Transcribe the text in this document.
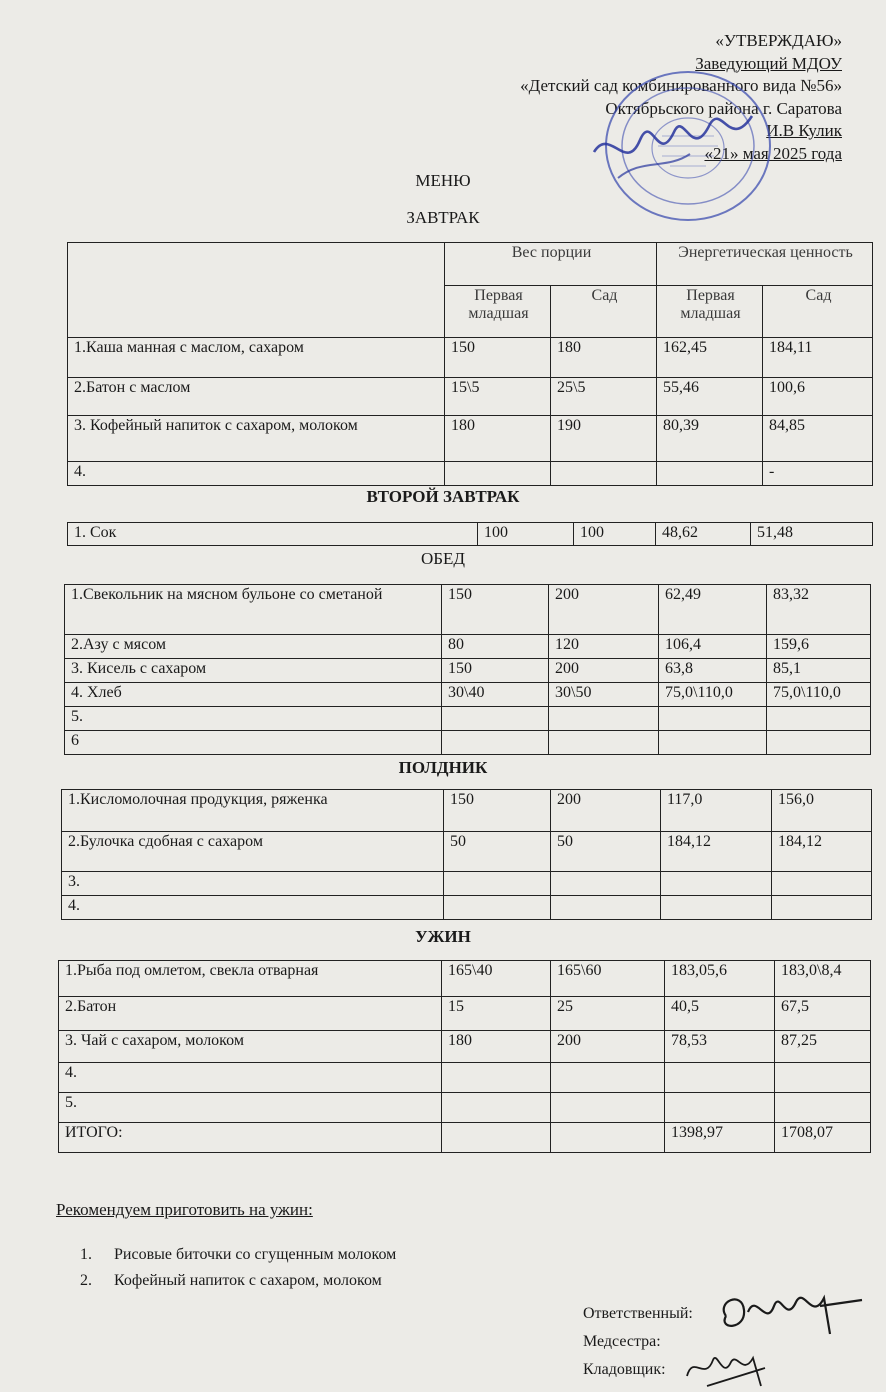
«УТВЕРЖДАЮ»
Заведующий МДОУ
«Детский сад комбинированного вида №56»
Октябрьского района г. Саратова
И.В Кулик
«21» мая 2025 года
МЕНЮ
ЗАВТРАК
	Вес порции		Энергетическая ценность	
	Первая младшая	Сад	Первая младшая	Сад
1.Каша манная с маслом, сахаром	150	180	162,45	184,11
2.Батон с маслом	15\5	25\5	55,46	100,6
3. Кофейный напиток с сахаром, молоком	180	190	80,39	84,85
4.				-
ВТОРОЙ ЗАВТРАК
1. Сок	100	100	48,62	51,48
ОБЕД
1.Свекольник на мясном бульоне со сметаной	150	200	62,49	83,32
2.Азу с мясом	80	120	106,4	159,6
3. Кисель с сахаром	150	200	63,8	85,1
4. Хлеб	30\40	30\50	75,0\110,0	75,0\110,0
5.				
6				
ПОЛДНИК
1.Кисломолочная продукция, ряженка	150	200	117,0	156,0
2.Булочка сдобная с сахаром	50	50	184,12	184,12
3.				
4.				
УЖИН
1.Рыба под омлетом, свекла отварная	165\40	165\60	183,05,6	183,0\8,4
2.Батон	15	25	40,5	67,5
3. Чай с сахаром, молоком	180	200	78,53	87,25
4.				
5.				
ИТОГО:			1398,97	1708,07
Рекомендуем приготовить на ужин:
1. Рисовые биточки со сгущенным молоком
2. Кофейный напиток с сахаром, молоком
Ответственный:
Медсестра:
Кладовщик:
